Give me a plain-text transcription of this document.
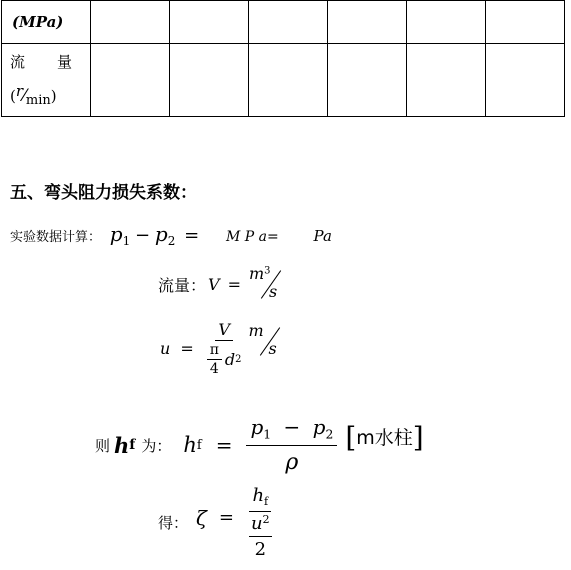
(MPa)						

流 量
(r⁄min)						

五、弯头阻力损失系数：
实验数据计算： $p_1 - p_2 = M$ P a= Pa
流量： V =
$m^3$
s
$u = \frac{V}{\frac{\pi}{4} d 2}$ m
s
则 h f 为： h $f = \frac{p_1 - p_2}{\rho} [m$水柱]
得： $\zeta = h_f$
$u^2$
2
